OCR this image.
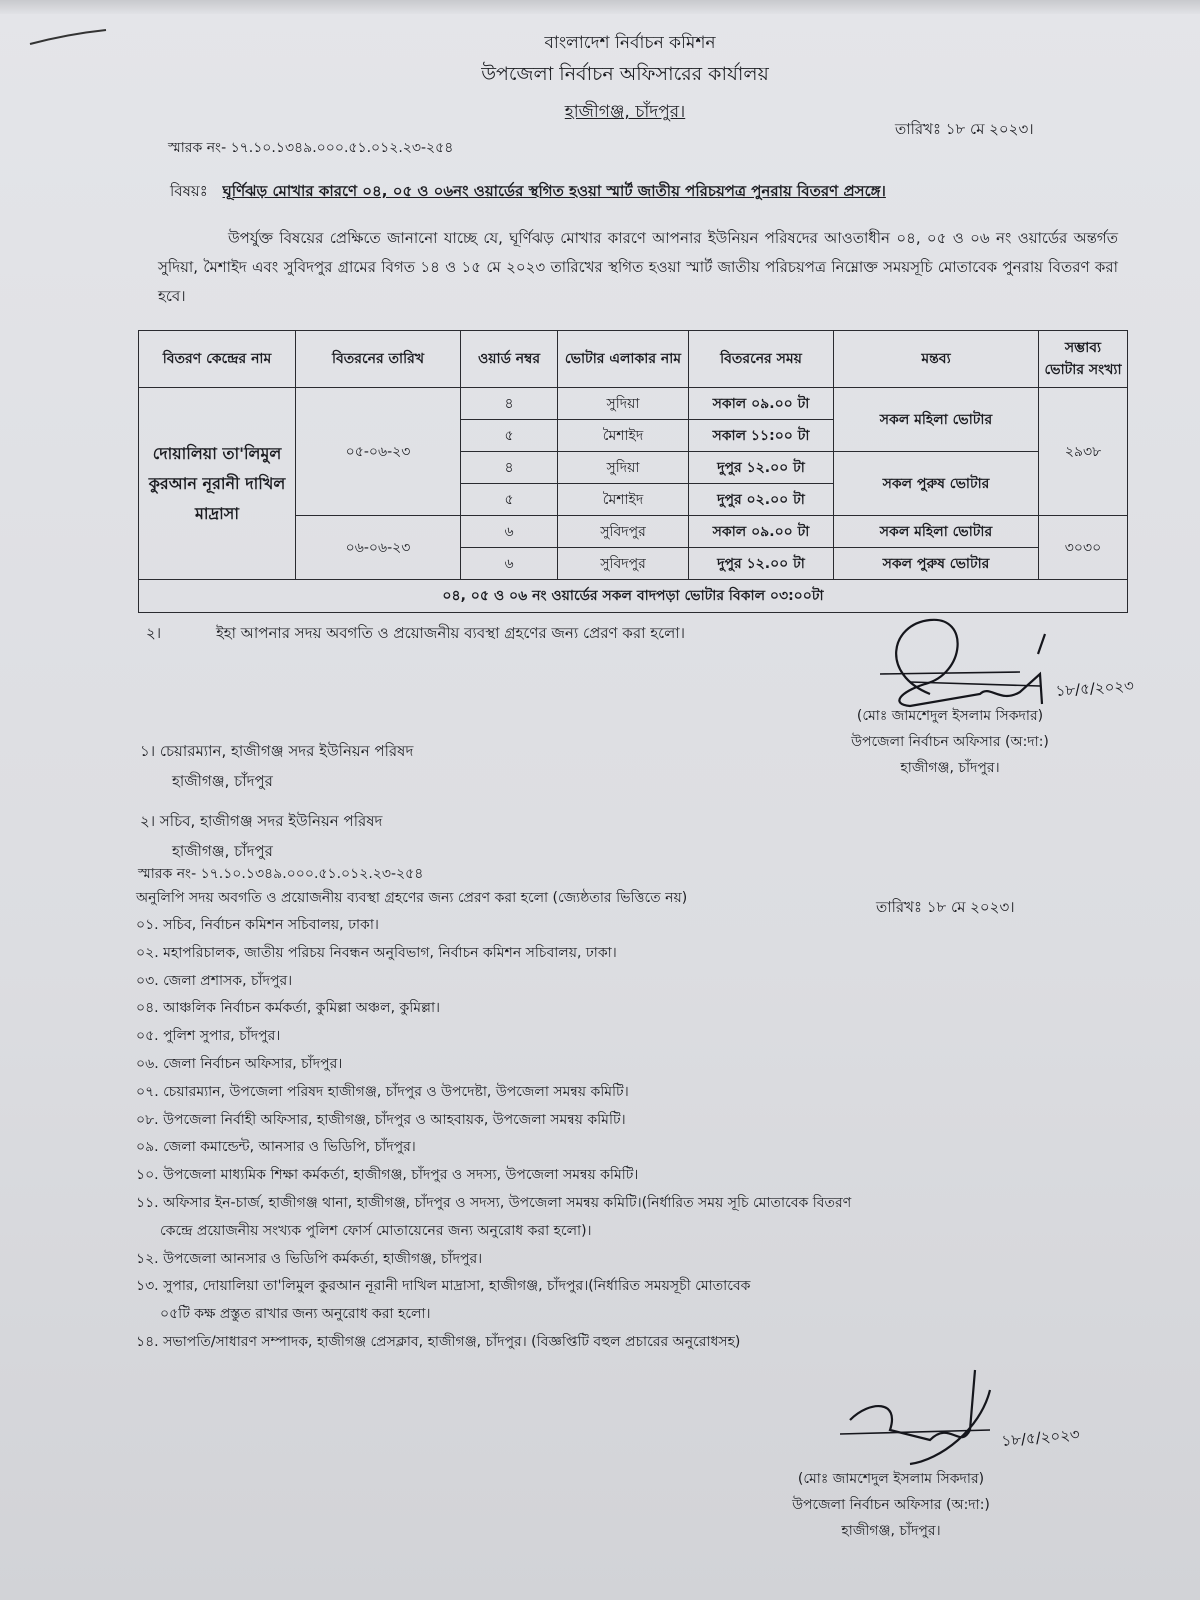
বাংলাদেশ নির্বাচন কমিশন
উপজেলা নির্বাচন অফিসারের কার্যালয়
হাজীগঞ্জ, চাঁদপুর।
স্মারক নং- ১৭.১০.১৩৪৯.০০০.৫১.০১২.২৩-২৫৪
তারিখঃ ১৮ মে ২০২৩।
বিষয়ঃ ঘূর্ণিঝড় মোখার কারণে ০৪, ০৫ ও ০৬নং ওয়ার্ডের স্থগিত হওয়া স্মার্ট জাতীয় পরিচয়পত্র পুনরায় বিতরণ প্রসঙ্গে।
উপর্যুক্ত বিষয়ের প্রেক্ষিতে জানানো যাচ্ছে যে, ঘূর্ণিঝড় মোখার কারণে আপনার ইউনিয়ন পরিষদের আওতাধীন ০৪, ০৫ ও ০৬ নং ওয়ার্ডের অন্তর্গত সুদিয়া, মৈশাইদ এবং সুবিদপুর গ্রামের বিগত ১৪ ও ১৫ মে ২০২৩ তারিখের স্থগিত হওয়া স্মার্ট জাতীয় পরিচয়পত্র নিম্নোক্ত সময়সূচি মোতাবেক পুনরায় বিতরণ করা হবে।
বিতরণ কেন্দ্রের নাম	বিতরনের তারিখ	ওয়ার্ড নম্বর	ভোটার এলাকার নাম	বিতরনের সময়	মন্তব্য	সম্ভাব্য ভোটার সংখ্যা
দোয়ালিয়া তা'লিমুল কুরআন নূরানী দাখিল মাদ্রাসা	০৫-০৬-২৩	৪	সুদিয়া	সকাল ০৯.০০ টা	সকল মহিলা ভোটার	২৯৩৮
		৫	মৈশাইদ	সকাল ১১:০০ টা		
		৪	সুদিয়া	দুপুর ১২.০০ টা	সকল পুরুষ ভোটার	
		৫	মৈশাইদ	দুপুর ০২.০০ টা		
	০৬-০৬-২৩	৬	সুবিদপুর	সকাল ০৯.০০ টা	সকল মহিলা ভোটার	৩০৩০
		৬	সুবিদপুর	দুপুর ১২.০০ টা	সকল পুরুষ ভোটার	
০৪, ০৫ ও ০৬ নং ওয়ার্ডের সকল বাদপড়া ভোটার বিকাল ০৩:০০টা						
২।	ইহা আপনার সদয় অবগতি ও প্রয়োজনীয় ব্যবস্থা গ্রহণের জন্য প্রেরণ করা হলো।
১৮/৫/২০২৩
(মোঃ জামশেদুল ইসলাম সিকদার)
উপজেলা নির্বাচন অফিসার (অ:দা:)
হাজীগঞ্জ, চাঁদপুর।
১। চেয়ারম্যান, হাজীগঞ্জ সদর ইউনিয়ন পরিষদ
হাজীগঞ্জ, চাঁদপুর
২। সচিব, হাজীগঞ্জ সদর ইউনিয়ন পরিষদ
হাজীগঞ্জ, চাঁদপুর
স্মারক নং- ১৭.১০.১৩৪৯.০০০.৫১.০১২.২৩-২৫৪
তারিখঃ ১৮ মে ২০২৩।
অনুলিপি সদয় অবগতি ও প্রয়োজনীয় ব্যবস্থা গ্রহণের জন্য প্রেরণ করা হলো (জ্যেষ্ঠতার ভিত্তিতে নয়)
০১. সচিব, নির্বাচন কমিশন সচিবালয়, ঢাকা।
০২. মহাপরিচালক, জাতীয় পরিচয় নিবন্ধন অনুবিভাগ, নির্বাচন কমিশন সচিবালয়, ঢাকা।
০৩. জেলা প্রশাসক, চাঁদপুর।
০৪. আঞ্চলিক নির্বাচন কর্মকর্তা, কুমিল্লা অঞ্চল, কুমিল্লা।
০৫. পুলিশ সুপার, চাঁদপুর।
০৬. জেলা নির্বাচন অফিসার, চাঁদপুর।
০৭. চেয়ারম্যান, উপজেলা পরিষদ হাজীগঞ্জ, চাঁদপুর ও উপদেষ্টা, উপজেলা সমন্বয় কমিটি।
০৮. উপজেলা নির্বাহী অফিসার, হাজীগঞ্জ, চাঁদপুর ও আহবায়ক, উপজেলা সমন্বয় কমিটি।
০৯. জেলা কমান্ডেন্ট, আনসার ও ভিডিপি, চাঁদপুর।
১০. উপজেলা মাধ্যমিক শিক্ষা কর্মকর্তা, হাজীগঞ্জ, চাঁদপুর ও সদস্য, উপজেলা সমন্বয় কমিটি।
১১. অফিসার ইন-চার্জ, হাজীগঞ্জ থানা, হাজীগঞ্জ, চাঁদপুর ও সদস্য, উপজেলা সমন্বয় কমিটি।(নির্ধারিত সময় সূচি মোতাবেক বিতরণ
কেন্দ্রে প্রয়োজনীয় সংখ্যক পুলিশ ফোর্স মোতায়েনের জন্য অনুরোধ করা হলো)।
১২. উপজেলা আনসার ও ভিডিপি কর্মকর্তা, হাজীগঞ্জ, চাঁদপুর।
১৩. সুপার, দোয়ালিয়া তা'লিমুল কুরআন নূরানী দাখিল মাদ্রাসা, হাজীগঞ্জ, চাঁদপুর।(নির্ধারিত সময়সূচী মোতাবেক
০৫টি কক্ষ প্রস্তুত রাখার জন্য অনুরোধ করা হলো।
১৪. সভাপতি/সাধারণ সম্পাদক, হাজীগঞ্জ প্রেসক্লাব, হাজীগঞ্জ, চাঁদপুর। (বিজ্ঞপ্তিটি বহুল প্রচারের অনুরোধসহ)
১৮/৫/২০২৩
(মোঃ জামশেদুল ইসলাম সিকদার)
উপজেলা নির্বাচন অফিসার (অ:দা:)
হাজীগঞ্জ, চাঁদপুর।
